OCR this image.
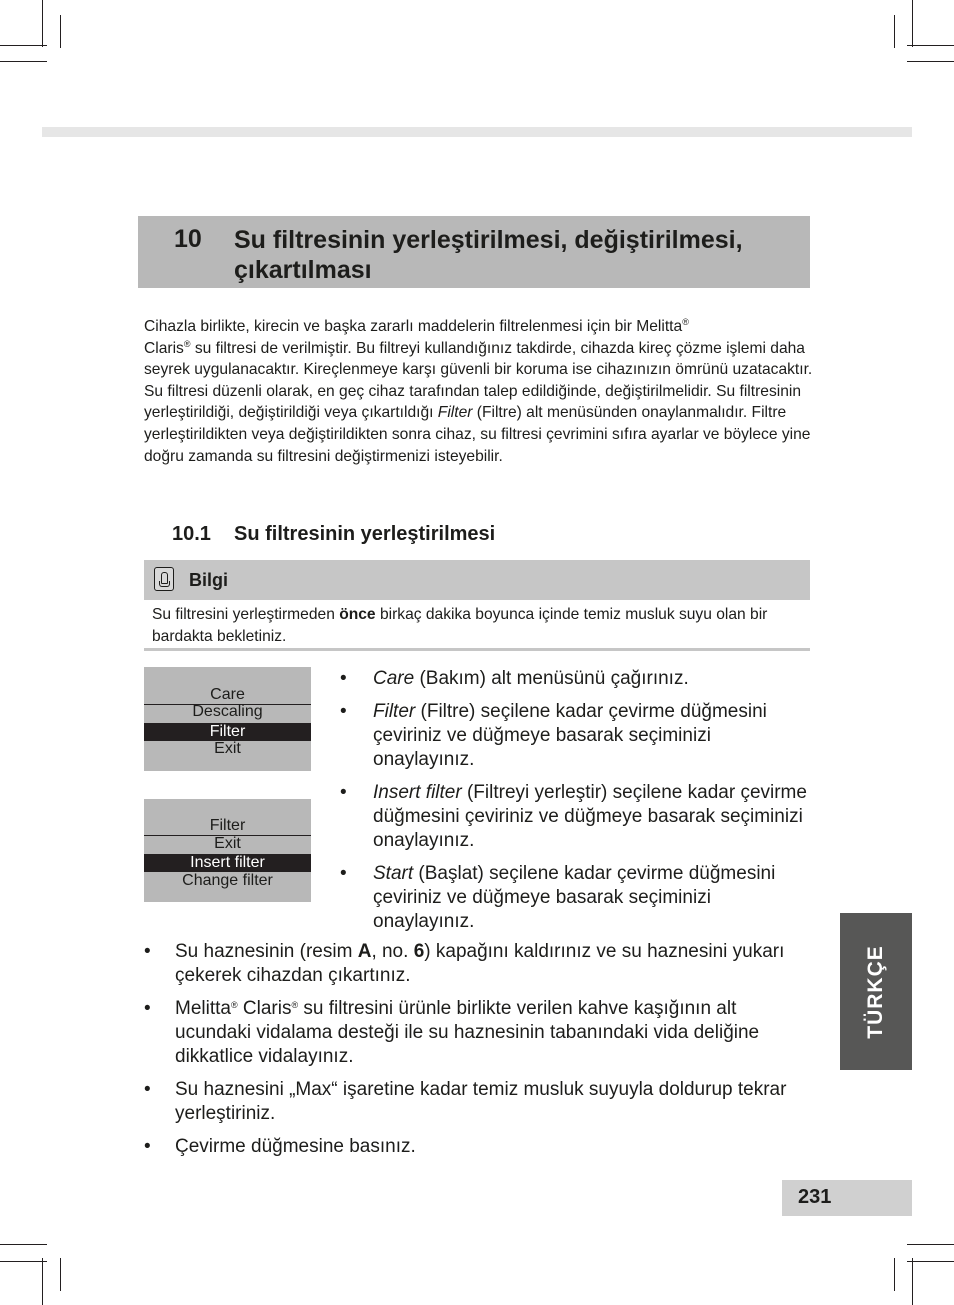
10 Su filtresinin yerleştirilmesi, değiştirilmesi, çıkartılması
Cihazla birlikte, kirecin ve başka zararlı maddelerin filtrelenmesi için bir Melitta®
Claris® su filtresi de verilmiştir. Bu filtreyi kullandığınız takdirde, cihazda kireç çözme işlemi daha seyrek uygulanacaktır. Kireçlenmeye karşı güvenli bir koruma ise cihazınızın ömrünü uzatacaktır. Su filtresi düzenli olarak, en geç cihaz tarafından talep edildiğinde, değiştirilmelidir. Su filtresinin yerleştirildiği, değiştirildiği veya çıkartıldığı Filter (Filtre) alt menüsünden onaylanmalıdır. Filtre yerleştirildikten veya değiştirildikten sonra cihaz, su filtresi çevrimini sıfıra ayarlar ve böylece yine doğru zamanda su filtresini değiştirmenizi isteyebilir.
10.1 Su filtresinin yerleştirilmesi
Bilgi
Su filtresini yerleştirmeden önce birkaç dakika boyunca içinde temiz musluk suyu olan bir bardakta bekletiniz.
Care
Descaling
Filter
Exit
Filter
Exit
Insert filter
Change filter
• Care (Bakım) alt menüsünü çağırınız.
• Filter (Filtre) seçilene kadar çevirme düğmesini çeviriniz ve düğmeye basarak seçiminizi onaylayınız.
• Insert filter (Filtreyi yerleştir) seçilene kadar çevirme düğmesini çeviriniz ve düğmeye basarak seçiminizi onaylayınız.
• Start (Başlat) seçilene kadar çevirme düğmesini çeviriniz ve düğmeye basarak seçiminizi onaylayınız.
• Su haznesinin (resim A, no. 6) kapağını kaldırınız ve su haznesini yukarı çekerek cihazdan çıkartınız.
• Melitta® Claris® su filtresini ürünle birlikte verilen kahve kaşığının alt ucundaki vidalama desteği ile su haznesinin tabanındaki vida deliğine dikkatlice vidalayınız.
• Su haznesini „Max“ işaretine kadar temiz musluk suyuyla doldurup tekrar yerleştiriniz.
• Çevirme düğmesine basınız.
TÜRKÇE
231
